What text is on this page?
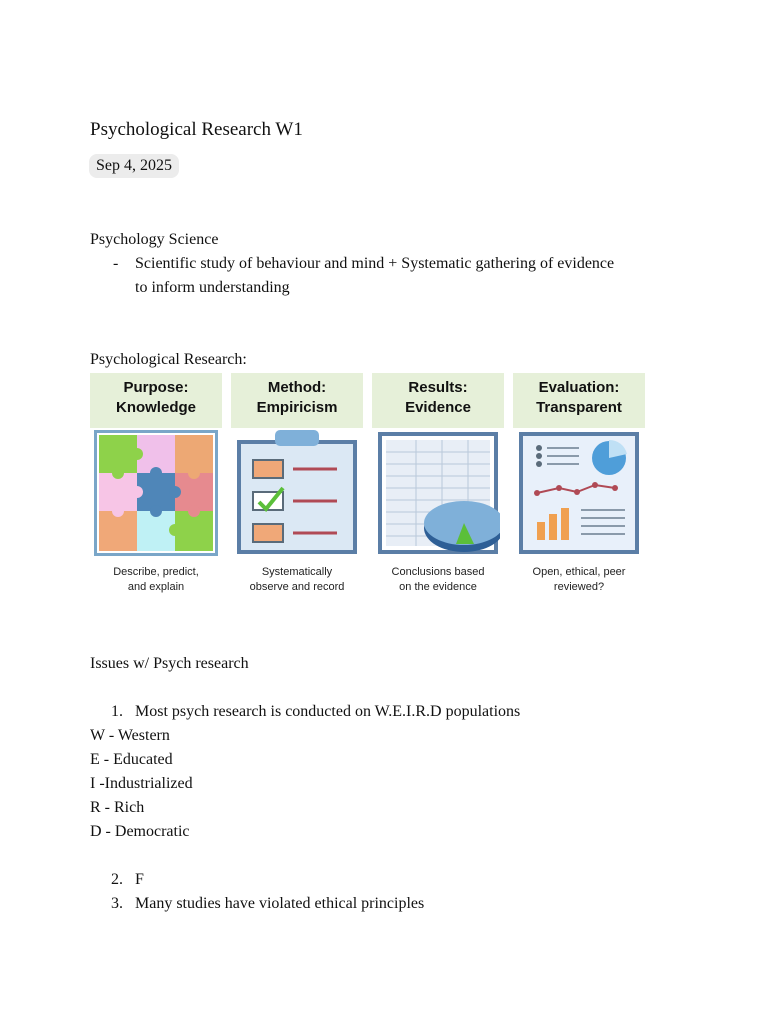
Psychological Research W1
Sep 4, 2025
Psychology Science
- Scientific study of behaviour and mind + Systematic gathering of evidence
to inform understanding
Psychological Research:
Purpose:
Knowledge
Describe, predict,
and explain
Method:
Empiricism
Systematically
observe and record
Results:
Evidence
Conclusions based
on the evidence
Evaluation:
Transparent
Open, ethical, peer
reviewed?
Issues w/ Psych research
1. Most psych research is conducted on W.E.I.R.D populations
W - Western
E - Educated
I -Industrialized
R - Rich
D - Democratic
2. F
3. Many studies have violated ethical principles
